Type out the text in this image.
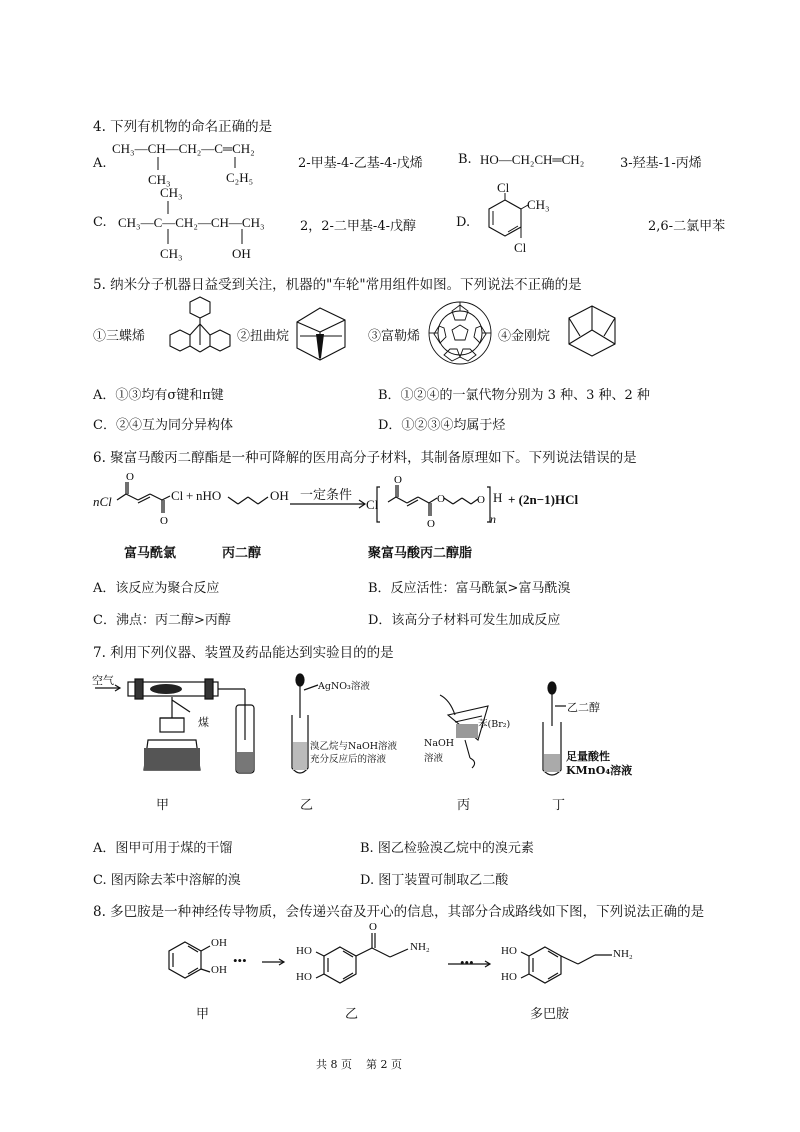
4. 下列有机物的命名正确的是
A.
CH₃—CH—CH₂—C═CH₂
CH₃	C₂H₅
2-甲基-4-乙基-4-戊烯	B. HO—CH₂CH═CH₂	3-羟基-1-丙烯
CH₃
C. CH₃—C—CH₂—CH—CH₃
CH₃	OH
2，2-二甲基-4-戊醇	D.
Cl
CH₃
Cl
2,6-二氯甲苯
5. 纳米分子机器日益受到关注，机器的"车轮"常用组件如图。下列说法不正确的是
①三蝶烯	②扭曲烷	③富勒烯	④金刚烷
A．①③均有σ键和π键	B．①②④的一氯代物分别为 3 种、3 种、2 种
C．②④互为同分异构体	D．①②③④均属于烃
6. 聚富马酸丙二醇酯是一种可降解的医用高分子材料，其制备原理如下。下列说法错误的是
O
O
O
O
O	O
nCl	Cl + nHO	OH 一定条件
Cl	H
n
+ (2n−1)HCl
富马酰氯	丙二醇	聚富马酸丙二醇脂
A．该反应为聚合反应	B．反应活性：富马酰氯>富马酰溴
C．沸点：丙二醇>丙醇	D．该高分子材料可发生加成反应
7. 利用下列仪器、装置及药品能达到实验目的的是
空气
煤
甲
AgNO₃溶液
溴乙烷与NaOH溶液
充分反应后的溶液
乙
苯(Br₂)
NaOH
溶液
丙
乙二醇
足量酸性
KMnO₄溶液
丁
A．图甲可用于煤的干馏	B. 图乙检验溴乙烷中的溴元素
C. 图丙除去苯中溶解的溴	D. 图丁装置可制取乙二酸
8. 多巴胺是一种神经传导物质，会传递兴奋及开心的信息，其部分合成路线如下图，下列说法正确的是
O
OH
OH
•••
HO
HO
NH₂
•••
HO
HO
NH₂
甲	乙	多巴胺
共 8 页    第 2 页
